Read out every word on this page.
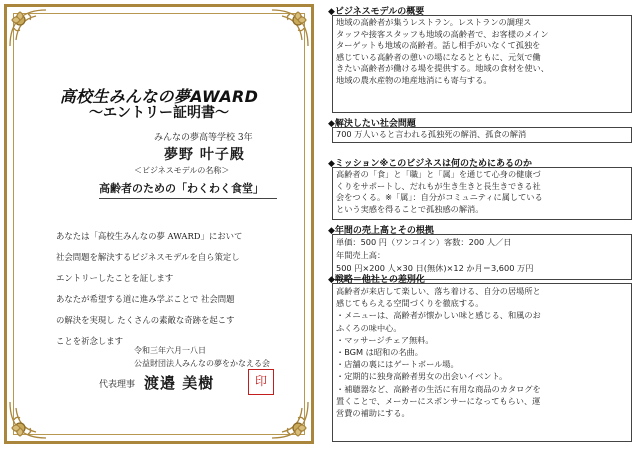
高校生みんなの夢AWARD
〜エントリー証明書〜
みんなの夢高等学校 3年
夢野 叶子殿
＜ビジネスモデルの名称＞
高齢者のための「わくわく食堂」
あなたは「高校生みんなの夢 AWARD」において
社会問題を解決するビジネスモデルを自ら策定し
エントリーしたことを証します
あなたが希望する道に進み学ぶことで 社会問題
の解決を実現し たくさんの素敵な奇跡を起こす
ことを祈念します
令和三年六月一八日
公益財団法人みんなの夢をかなえる会
代表理事 渡邉 美樹	印
◆ビジネスモデルの概要
地域の高齢者が集うレストラン。レストランの調理ス
タッフや接客スタッフも地域の高齢者で、お客様のメイン
ターゲットも地域の高齢者。話し相手がいなくて孤独を
感じている高齢者の憩いの場になるとともに、元気で働
きたい高齢者が働ける場を提供する。地域の食材を使い、
地域の農水産物の地産地消にも寄与する。
◆解決したい社会問題
700 万人いると言われる孤独死の解消、孤食の解消
◆ミッション※このビジネスは何のためにあるのか
高齢者の「食」と「職」と「属」を通じて心身の健康づ
くりをサポートし、だれもが生き生きと長生きできる社
会をつくる。※「属」：自分がコミュニティに属している
という実感を得ることで孤独感の解消。
◆年間の売上高とその根拠
単価：500 円（ワンコイン）客数：200 人／日
年間売上高：
500 円×200 人×30 日(無休)×12 か月＝3,600 万円
◆戦略＝他社との差別化
高齢者が来店して楽しい、落ち着ける、自分の居場所と
感じてもらえる空間づくりを徹底する。
・メニューは、高齢者が懐かしい味と感じる、和風のお
ふくろの味中心。
・マッサージチェア無料。
・BGM は昭和の名曲。
・店舗の裏にはゲートボール場。
・定期的に独身高齢者男女の出会いイベント。
・補聴器など、高齢者の生活に有用な商品のカタログを
置くことで、メーカーにスポンサーになってもらい、運
営費の補助にする。
